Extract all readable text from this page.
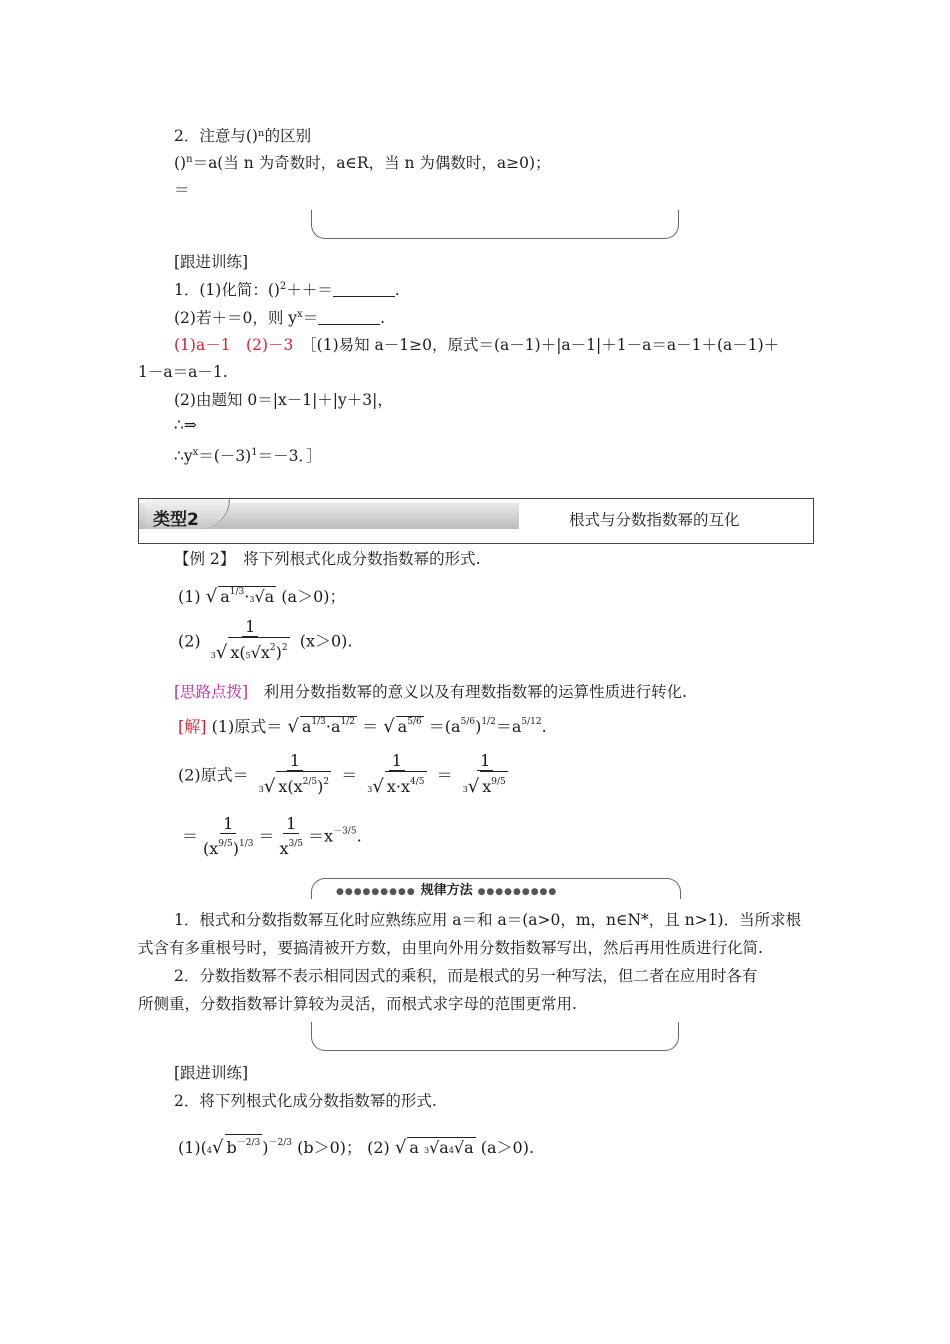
2．注意与()ⁿ的区别
()$^n$＝a(当 n 为奇数时，a∈R，当 n 为偶数时，a≥0)；
＝
[跟进训练]
1．(1)化简：()$^2$＋＋＝	.
(2)若＋＝0，则 $y^x=$	.
(1)a－1　(2)－3　 ［(1)易知 a－1≥0，原式＝(a－1)＋|a－1|＋1－a＝a－1＋(a－1)＋
1－a＝a－1.
(2)由题知 0＝|x－1|＋|y＋3|，
∴⇒
$\therefore y^x=(-3)^1=-3$．］
类型2	根式与分数指数幂的互化
【例 2】　 将下列根式化成分数指数幂的形式.
(1) √ $a^{1/3}\cdot 3√a$ (a＞0)；
$(2) \frac{1}{3√ x(5√x^2)^2} (x>0)$.
[思路点拨]　 利用分数指数幂的意义以及有理数指数幂的运算性质进行转化.
[解] (1)原式＝ √ $a^{1/3}\cdot a^{1/2}$ ＝ √ $a^{5/6} =(a^{5/6})^{1/2}=a^{5/12}$.
(2)原式＝ $\frac{1}{3√ x(x^{2/5})^2} = \frac{1}{3√ x\cdot x^{4/5}} = \frac{1}{3√ x^{9/5}}$
＝ $\frac{1}{(x^{9/5})^{1/3}} = \frac{1}{x^{3/5}} =x^{-3/5}$.
●●●●●●●●● 规律方法 ●●●●●●●●●
1．根式和分数指数幂互化时应熟练应用 a＝和 a＝(a>0，m，n∈N*，且 n>1)．当所求根
式含有多重根号时，要搞清被开方数，由里向外用分数指数幂写出，然后再用性质进行化简.
2．分数指数幂不表示相同因式的乘积，而是根式的另一种写法，但二者在应用时各有
所侧重，分数指数幂计算较为灵活，而根式求字母的范围更常用.
[跟进训练]
2．将下列根式化成分数指数幂的形式.
(1)(4√ $b^{-2/3}$ )$^{-2/3}$ (b＞0)； (2) √ a 3√a4√a (a＞0).
